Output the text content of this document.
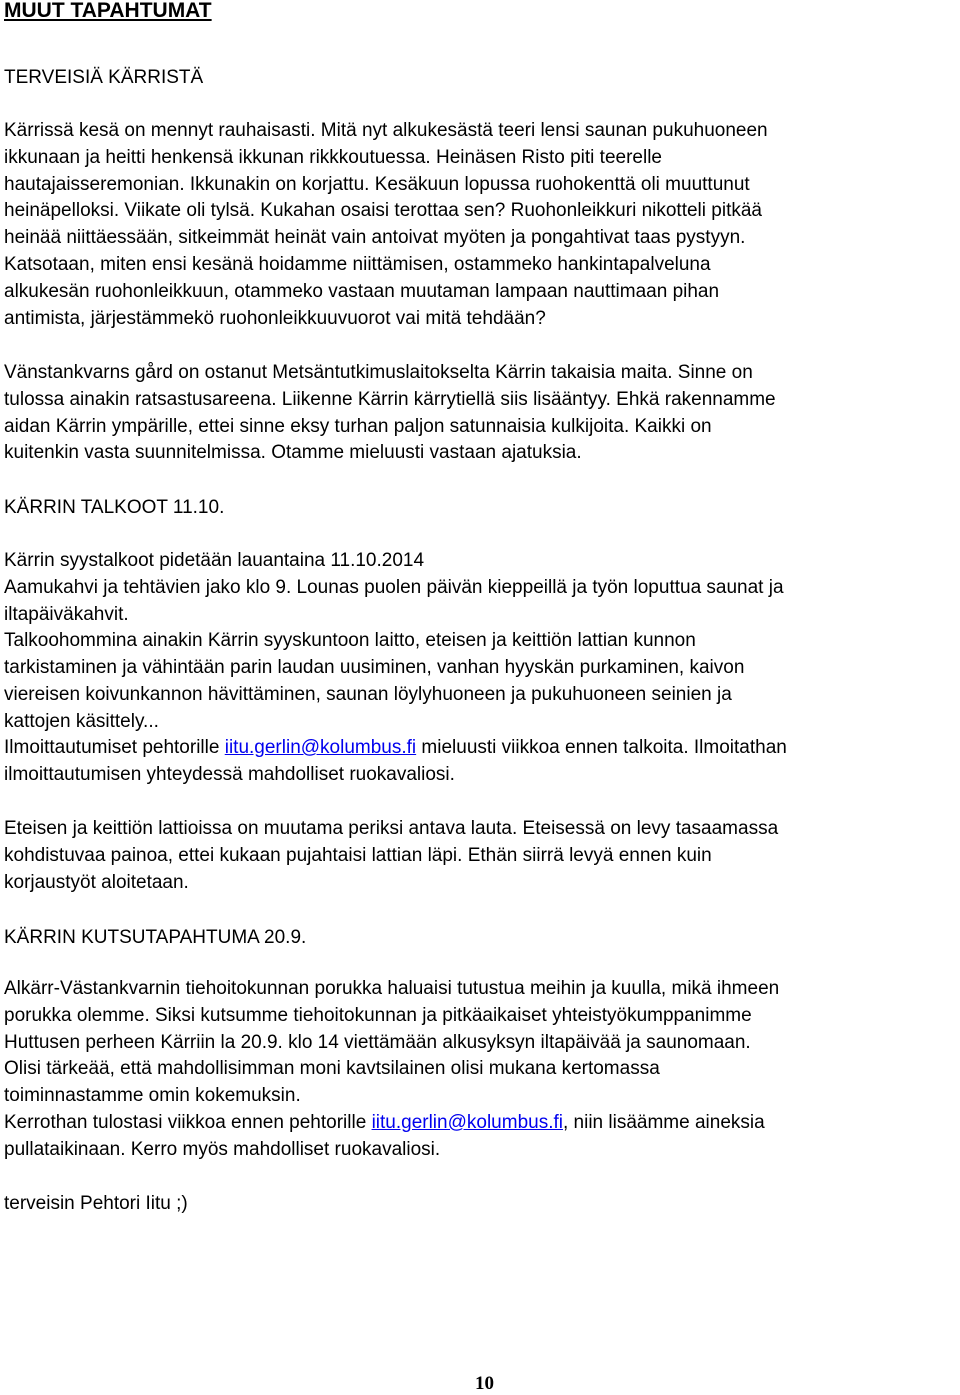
MUUT TAPAHTUMAT
TERVEISIÄ KÄRRISTÄ

Kärrissä kesä on mennyt rauhaisasti. Mitä nyt alkukesästä teeri lensi saunan pukuhuoneen
ikkunaan ja heitti henkensä ikkunan rikkkoutuessa. Heinäsen Risto piti teerelle
hautajaisseremonian. Ikkunakin on korjattu. Kesäkuun lopussa ruohokenttä oli muuttunut
heinäpelloksi. Viikate oli tylsä. Kukahan osaisi terottaa sen? Ruohonleikkuri nikotteli pitkää
heinää niittäessään, sitkeimmät heinät vain antoivat myöten ja pongahtivat taas pystyyn.
Katsotaan, miten ensi kesänä hoidamme niittämisen, ostammeko hankintapalveluna
alkukesän ruohonleikkuun, otammeko vastaan muutaman lampaan nauttimaan pihan
antimista, järjestämmekö ruohonleikkuuvuorot vai mitä tehdään?

Vänstankvarns gård on ostanut Metsäntutkimuslaitokselta Kärrin takaisia maita. Sinne on
tulossa ainakin ratsastusareena. Liikenne Kärrin kärrytiellä siis lisääntyy. Ehkä rakennamme
aidan Kärrin ympärille, ettei sinne eksy turhan paljon satunnaisia kulkijoita. Kaikki on
kuitenkin vasta suunnitelmissa. Otamme mieluusti vastaan ajatuksia.

KÄRRIN TALKOOT 11.10.

Kärrin syystalkoot pidetään lauantaina 11.10.2014
Aamukahvi ja tehtävien jako klo 9. Lounas puolen päivän kieppeillä ja työn loputtua saunat ja
iltapäiväkahvit.
Talkoohommina ainakin Kärrin syyskuntoon laitto, eteisen ja keittiön lattian kunnon
tarkistaminen ja vähintään parin laudan uusiminen, vanhan hyyskän purkaminen, kaivon
viereisen koivunkannon hävittäminen, saunan löylyhuoneen ja pukuhuoneen seinien ja
kattojen käsittely...

Ilmoittautumiset pehtorille iitu.gerlin@kolumbus.fi mieluusti viikkoa ennen talkoita. Ilmoitathan
ilmoittautumisen yhteydessä mahdolliset ruokavaliosi.

Eteisen ja keittiön lattioissa on muutama periksi antava lauta. Eteisessä on levy tasaamassa
kohdistuvaa painoa, ettei kukaan pujahtaisi lattian läpi. Ethän siirrä levyä ennen kuin
korjaustyöt aloitetaan.

KÄRRIN KUTSUTAPAHTUMA 20.9.

Alkärr-Västankvarnin tiehoitokunnan porukka haluaisi tutustua meihin ja kuulla, mikä ihmeen
porukka olemme. Siksi kutsumme tiehoitokunnan ja pitkäaikaiset yhteistyökumppanimme
Huttusen perheen Kärriin la 20.9. klo 14 viettämään alkusyksyn iltapäivää ja saunomaan.
Olisi tärkeää, että mahdollisimman moni kavtsilainen olisi mukana kertomassa
toiminnastamme omin kokemuksin.

Kerrothan tulostasi viikkoa ennen pehtorille iitu.gerlin@kolumbus.fi, niin lisäämme aineksia
pullataikinaan. Kerro myös mahdolliset ruokavaliosi.

terveisin Pehtori Iitu ;)

10
